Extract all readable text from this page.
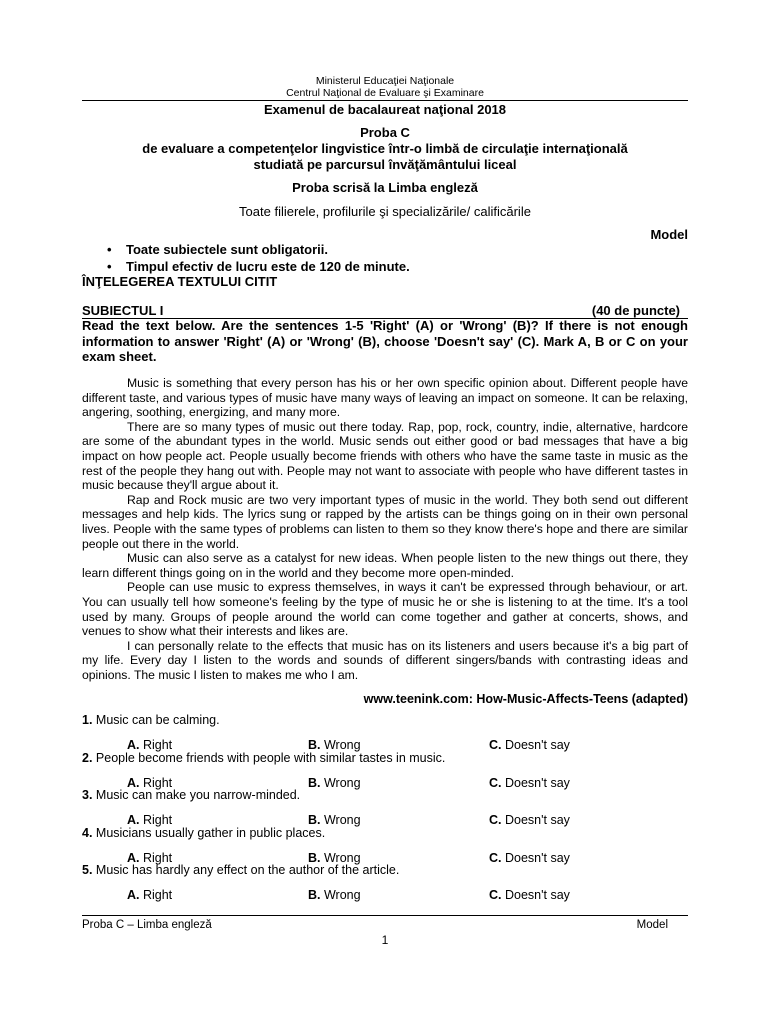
Ministerul Educaţiei Naţionale
Centrul Naţional de Evaluare şi Examinare
Examenul de bacalaureat naţional 2018
Proba C
de evaluare a competenţelor lingvistice într-o limbă de circulaţie internaţională
studiată pe parcursul învăţământului liceal
Proba scrisă la Limba engleză
Toate filierele, profilurile şi specializările/ calificările
Model
• Toate subiectele sunt obligatorii.
• Timpul efectiv de lucru este de 120 de minute.
ÎNŢELEGEREA TEXTULUI CITIT
SUBIECTUL I	(40 de puncte)
Read the text below. Are the sentences 1-5 'Right' (A) or 'Wrong' (B)? If there is not enough information to answer 'Right' (A) or 'Wrong' (B), choose 'Doesn't say' (C). Mark A, B or C on your exam sheet.

Music is something that every person has his or her own specific opinion about. Different people have different taste, and various types of music have many ways of leaving an impact on someone. It can be relaxing, angering, soothing, energizing, and many more.

There are so many types of music out there today. Rap, pop, rock, country, indie, alternative, hardcore are some of the abundant types in the world. Music sends out either good or bad messages that have a big impact on how people act. People usually become friends with others who have the same taste in music as the rest of the people they hang out with. People may not want to associate with people who have different tastes in music because they'll argue about it.

Rap and Rock music are two very important types of music in the world. They both send out different messages and help kids. The lyrics sung or rapped by the artists can be things going on in their own personal lives. People with the same types of problems can listen to them so they know there's hope and there are similar people out there in the world.

Music can also serve as a catalyst for new ideas. When people listen to the new things out there, they learn different things going on in the world and they become more open-minded.

People can use music to express themselves, in ways it can't be expressed through behaviour, or art. You can usually tell how someone's feeling by the type of music he or she is listening to at the time. It's a tool used by many. Groups of people around the world can come together and gather at concerts, shows, and venues to show what their interests and likes are.

I can personally relate to the effects that music has on its listeners and users because it's a big part of my life. Every day I listen to the words and sounds of different singers/bands with contrasting ideas and opinions. The music I listen to makes me who I am.

www.teenink.com: How-Music-Affects-Teens (adapted)
1. Music can be calming.
A. Right	B. Wrong	C. Doesn't say
2. People become friends with people with similar tastes in music.
A. Right	B. Wrong	C. Doesn't say
3. Music can make you narrow-minded.
A. Right	B. Wrong	C. Doesn't say
4. Musicians usually gather in public places.
A. Right	B. Wrong	C. Doesn't say
5. Music has hardly any effect on the author of the article.
A. Right	B. Wrong	C. Doesn't say
Proba C – Limba engleză	Model
1
